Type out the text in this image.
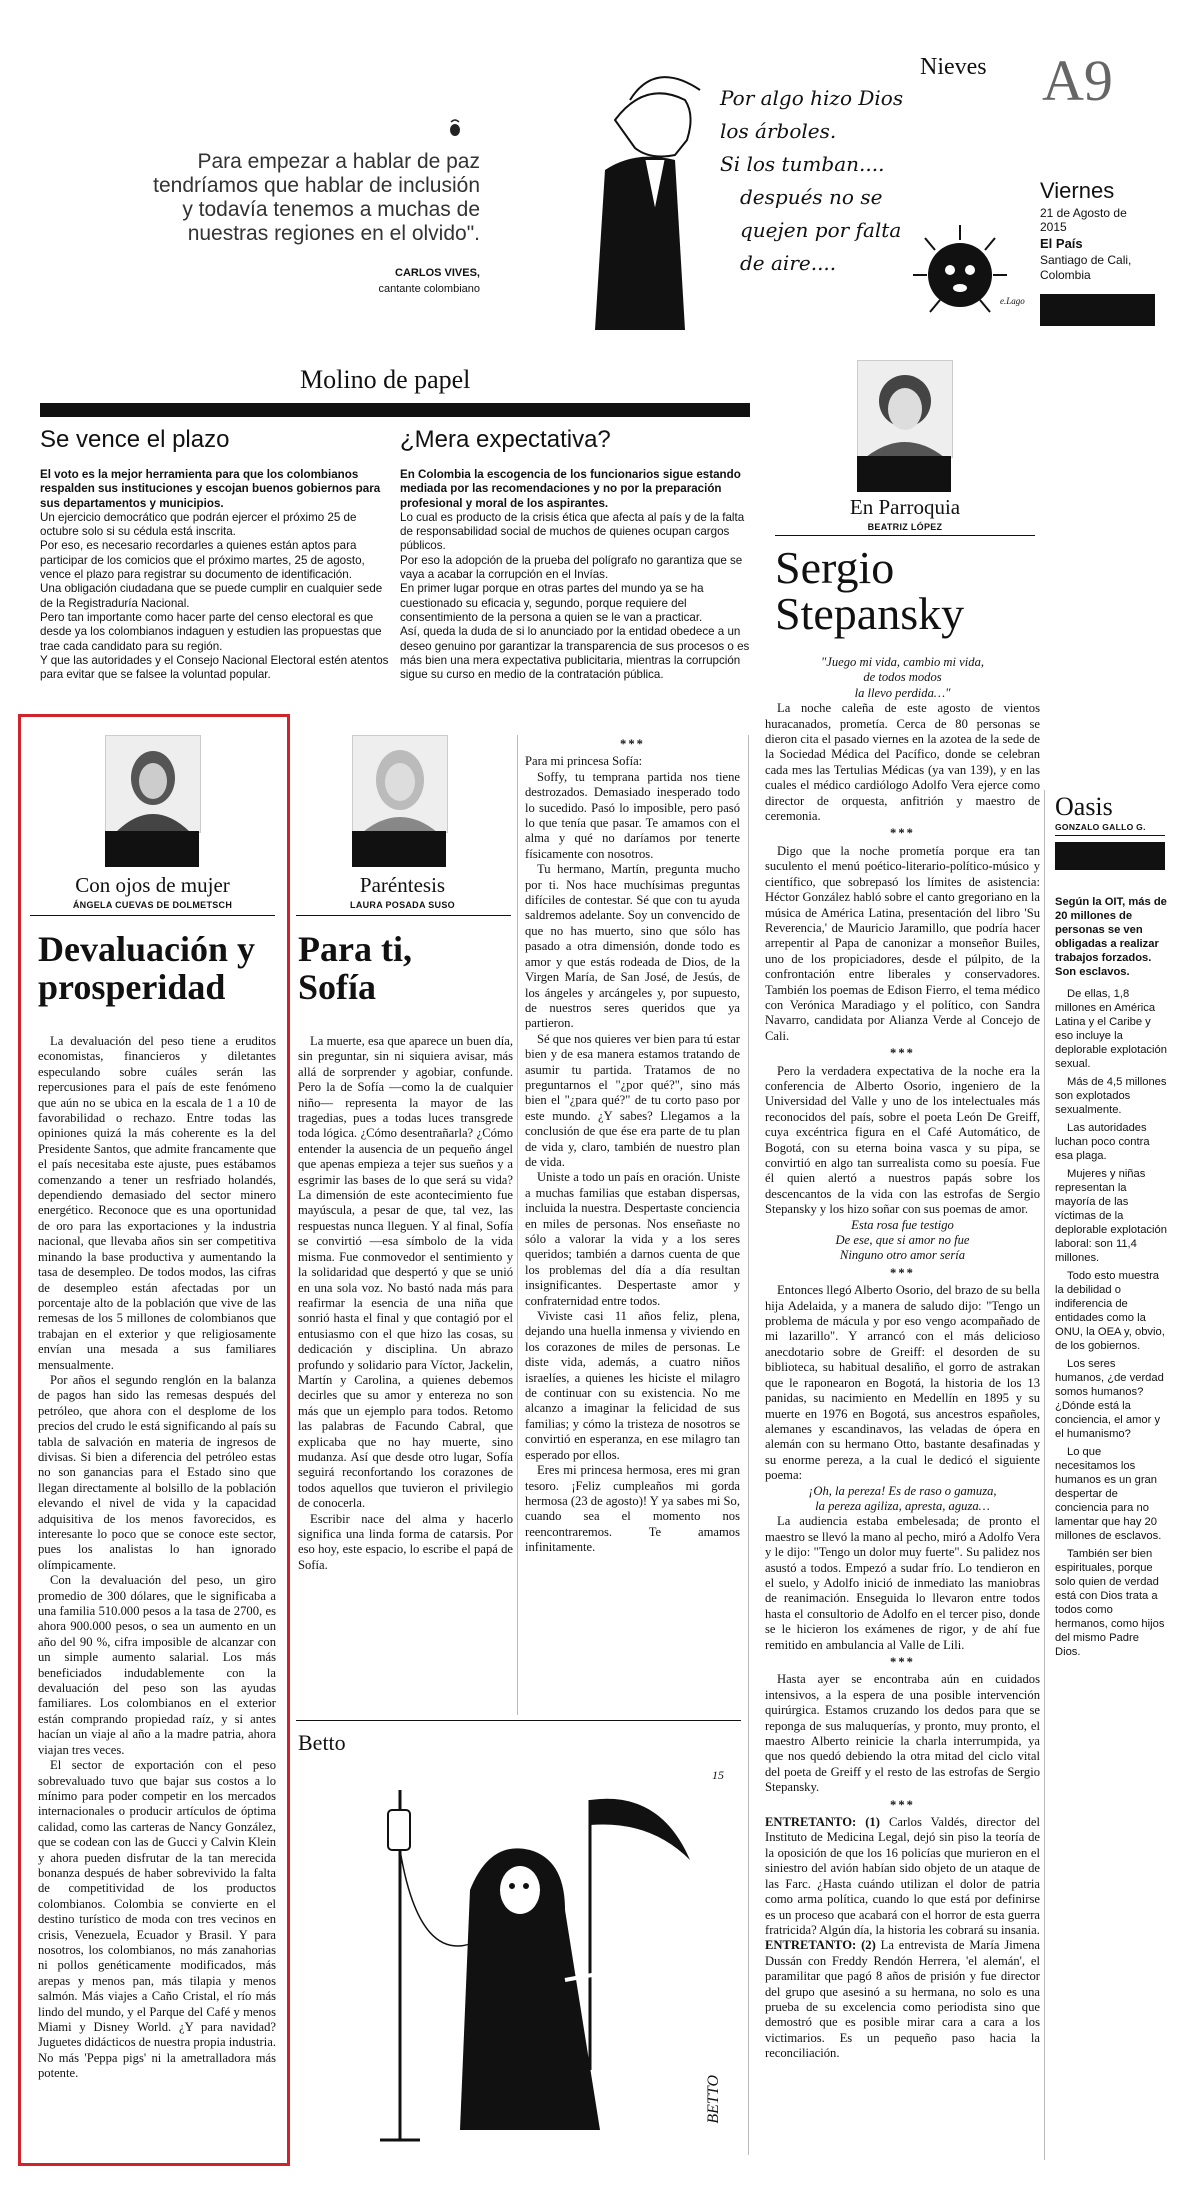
Para empezar a hablar de paz tendríamos que hablar de inclusión y todavía tenemos a muchas de nuestras regiones en el olvido".
CARLOS VIVES,
cantante colombiano
Por algo hizo Dios
los árboles.
Si los tumban....
después no se
quejen por falta
de aire....
e.Lago
Nieves A9
Viernes
21 de Agosto de 2015
El País
Santiago de Cali,
Colombia
Molino de papel
Se vence el plazo

El voto es la mejor herramienta para que los colombianos respalden sus instituciones y escojan buenos gobiernos para sus departamentos y municipios.

Un ejercicio democrático que podrán ejercer el próximo 25 de octubre solo si su cédula está inscrita.

Por eso, es necesario recordarles a quienes están aptos para participar de los comicios que el próximo martes, 25 de agosto, vence el plazo para registrar su documento de identificación.

Una obligación ciudadana que se puede cumplir en cualquier sede de la Registraduría Nacional.

Pero tan importante como hacer parte del censo electoral es que desde ya los colombianos indaguen y estudien las propuestas que trae cada candidato para su región.

Y que las autoridades y el Consejo Nacional Electoral estén atentos para evitar que se falsee la voluntad popular.

¿Mera expectativa?

En Colombia la escogencia de los funcionarios sigue estando mediada por las recomendaciones y no por la preparación profesional y moral de los aspirantes.

Lo cual es producto de la crisis ética que afecta al país y de la falta de responsabilidad social de muchos de quienes ocupan cargos públicos.

Por eso la adopción de la prueba del polígrafo no garantiza que se vaya a acabar la corrupción en el Invías.

En primer lugar porque en otras partes del mundo ya se ha cuestionado su eficacia y, segundo, porque requiere del consentimiento de la persona a quien se le van a practicar.

Así, queda la duda de si lo anunciado por la entidad obedece a un deseo genuino por garantizar la transparencia de sus procesos o es más bien una mera expectativa publicitaria, mientras la corrupción sigue su curso en medio de la contratación pública.

Con ojos de mujer
ÁNGELA CUEVAS DE DOLMETSCH
Devaluación y prosperidad

La devaluación del peso tiene a eruditos economistas, financieros y diletantes especulando sobre cuáles serán las repercusiones para el país de este fenómeno que aún no se ubica en la escala de 1 a 10 de favorabilidad o rechazo. Entre todas las opiniones quizá la más coherente es la del Presidente Santos, que admite francamente que el país necesitaba este ajuste, pues estábamos comenzando a tener un resfriado holandés, dependiendo demasiado del sector minero energético. Reconoce que es una oportunidad de oro para las exportaciones y la industria nacional, que llevaba años sin ser competitiva minando la base productiva y aumentando la tasa de desempleo. De todos modos, las cifras de desempleo están afectadas por un porcentaje alto de la población que vive de las remesas de los 5 millones de colombianos que trabajan en el exterior y que religiosamente envían una mesada a sus familiares mensualmente.

Por años el segundo renglón en la balanza de pagos han sido las remesas después del petróleo, que ahora con el desplome de los precios del crudo le está significando al país su tabla de salvación en materia de ingresos de divisas. Si bien a diferencia del petróleo estas no son ganancias para el Estado sino que llegan directamente al bolsillo de la población elevando el nivel de vida y la capacidad adquisitiva de los menos favorecidos, es interesante lo poco que se conoce este sector, pues los analistas lo han ignorado olímpicamente.

Con la devaluación del peso, un giro promedio de 300 dólares, que le significaba a una familia 510.000 pesos a la tasa de 2700, es ahora 900.000 pesos, o sea un aumento en un año del 90 %, cifra imposible de alcanzar con un simple aumento salarial. Los más beneficiados indudablemente con la devaluación del peso son las ayudas familiares. Los colombianos en el exterior están comprando propiedad raíz, y si antes hacían un viaje al año a la madre patria, ahora viajan tres veces.

El sector de exportación con el peso sobrevaluado tuvo que bajar sus costos a lo mínimo para poder competir en los mercados internacionales o producir artículos de óptima calidad, como las carteras de Nancy González, que se codean con las de Gucci y Calvin Klein y ahora pueden disfrutar de la tan merecida bonanza después de haber sobrevivido la falta de competitividad de los productos colombianos. Colombia se convierte en el destino turístico de moda con tres vecinos en crisis, Venezuela, Ecuador y Brasil. Y para nosotros, los colombianos, no más zanahorias ni pollos genéticamente modificados, más arepas y menos pan, más tilapia y menos salmón. Más viajes a Caño Cristal, el río más lindo del mundo, y el Parque del Café y menos Miami y Disney World. ¿Y para navidad? Juguetes didácticos de nuestra propia industria. No más 'Peppa pigs' ni la ametralladora más potente.

Paréntesis
LAURA POSADA SUSO
Para ti, Sofía

La muerte, esa que aparece un buen día, sin preguntar, sin ni siquiera avisar, más allá de sorprender y agobiar, confunde. Pero la de Sofía —como la de cualquier niño— representa la mayor de las tragedias, pues a todas luces transgrede toda lógica. ¿Cómo desentrañarla? ¿Cómo entender la ausencia de un pequeño ángel que apenas empieza a tejer sus sueños y a esgrimir las bases de lo que será su vida? La dimensión de este acontecimiento fue mayúscula, a pesar de que, tal vez, las respuestas nunca lleguen. Y al final, Sofía se convirtió —esa símbolo de la vida misma. Fue conmovedor el sentimiento y la solidaridad que despertó y que se unió en una sola voz. No bastó nada más para reafirmar la esencia de una niña que sonrió hasta el final y que contagió por el entusiasmo con el que hizo las cosas, su dedicación y disciplina. Un abrazo profundo y solidario para Víctor, Jackelin, Martín y Carolina, a quienes debemos decirles que su amor y entereza no son más que un ejemplo para todos. Retomo las palabras de Facundo Cabral, que explicaba que no hay muerte, sino mudanza. Así que desde otro lugar, Sofía seguirá reconfortando los corazones de todos aquellos que tuvieron el privilegio de conocerla.

Escribir nace del alma y hacerlo significa una linda forma de catarsis. Por eso hoy, este espacio, lo escribe el papá de Sofía.

***

Para mi princesa Sofía:

Soffy, tu temprana partida nos tiene destrozados. Demasiado inesperado todo lo sucedido. Pasó lo imposible, pero pasó lo que tenía que pasar. Te amamos con el alma y qué no daríamos por tenerte físicamente con nosotros.

Tu hermano, Martín, pregunta mucho por ti. Nos hace muchísimas preguntas difíciles de contestar. Sé que con tu ayuda saldremos adelante. Soy un convencido de que no has muerto, sino que sólo has pasado a otra dimensión, donde todo es amor y que estás rodeada de Dios, de la Virgen María, de San José, de Jesús, de los ángeles y arcángeles y, por supuesto, de nuestros seres queridos que ya partieron.

Sé que nos quieres ver bien para tú estar bien y de esa manera estamos tratando de asumir tu partida. Tratamos de no preguntarnos el "¿por qué?", sino más bien el "¿para qué?" de tu corto paso por este mundo. ¿Y sabes? Llegamos a la conclusión de que ése era parte de tu plan de vida y, claro, también de nuestro plan de vida.

Uniste a todo un país en oración. Uniste a muchas familias que estaban dispersas, incluida la nuestra. Despertaste conciencia en miles de personas. Nos enseñaste no sólo a valorar la vida y a los seres queridos; también a darnos cuenta de que los problemas del día a día resultan insignificantes. Despertaste amor y confraternidad entre todos.

Viviste casi 11 años feliz, plena, dejando una huella inmensa y viviendo en los corazones de miles de personas. Le diste vida, además, a cuatro niños israelíes, a quienes les hiciste el milagro de continuar con su existencia. No me alcanzo a imaginar la felicidad de sus familias; y cómo la tristeza de nosotros se convirtió en esperanza, en ese milagro tan esperado por ellos.

Eres mi princesa hermosa, eres mi gran tesoro. ¡Feliz cumpleaños mi gorda hermosa (23 de agosto)! Y ya sabes mi So, cuando sea el momento nos reencontraremos. Te amamos infinitamente.

Betto
15
BETTO
En Parroquia
BEATRIZ LÓPEZ
Sergio Stepansky

"Juego mi vida, cambio mi vida,

de todos modos

la llevo perdida…"

La noche caleña de este agosto de vientos huracanados, prometía. Cerca de 80 personas se dieron cita el pasado viernes en la azotea de la sede de la Sociedad Médica del Pacífico, donde se celebran cada mes las Tertulias Médicas (ya van 139), y en las cuales el médico cardiólogo Adolfo Vera ejerce como director de orquesta, anfitrión y maestro de ceremonia.

***

Digo que la noche prometía porque era tan suculento el menú poético-literario-político-músico y científico, que sobrepasó los límites de asistencia: Héctor González habló sobre el canto gregoriano en la música de América Latina, presentación del libro 'Su Reverencia,' de Mauricio Jaramillo, que podría hacer arrepentir al Papa de canonizar a monseñor Builes, uno de los propiciadores, desde el púlpito, de la confrontación entre liberales y conservadores. También los poemas de Edison Fierro, el tema médico con Verónica Maradiago y el político, con Sandra Navarro, candidata por Alianza Verde al Concejo de Cali.

***

Pero la verdadera expectativa de la noche era la conferencia de Alberto Osorio, ingeniero de la Universidad del Valle y uno de los intelectuales más reconocidos del país, sobre el poeta León De Greiff, cuya excéntrica figura en el Café Automático, de Bogotá, con su eterna boina vasca y su pipa, se convirtió en algo tan surrealista como su poesía. Fue él quien alertó a nuestros papás sobre los descencantos de la vida con las estrofas de Sergio Stepansky y los hizo soñar con sus poemas de amor.

Esta rosa fue testigo

De ese, que si amor no fue

Ninguno otro amor sería

***

Entonces llegó Alberto Osorio, del brazo de su bella hija Adelaida, y a manera de saludo dijo: "Tengo un problema de mácula y por eso vengo acompañado de mi lazarillo". Y arrancó con el más delicioso anecdotario sobre de Greiff: el desorden de su biblioteca, su habitual desaliño, el gorro de astrakan que le raponearon en Bogotá, la historia de los 13 panidas, su nacimiento en Medellín en 1895 y su muerte en 1976 en Bogotá, sus ancestros españoles, alemanes y escandinavos, las veladas de ópera en alemán con su hermano Otto, bastante desafinadas y su enorme pereza, a la cual le dedicó el siguiente poema:

¡Oh, la pereza! Es de raso o gamuza,

la pereza agiliza, apresta, aguza…

La audiencia estaba embelesada; de pronto el maestro se llevó la mano al pecho, miró a Adolfo Vera y le dijo: "Tengo un dolor muy fuerte". Su palidez nos asustó a todos. Empezó a sudar frío. Lo tendieron en el suelo, y Adolfo inició de inmediato las maniobras de reanimación. Enseguida lo llevaron entre todos hasta el consultorio de Adolfo en el tercer piso, donde se le hicieron los exámenes de rigor, y de ahí fue remitido en ambulancia al Valle de Lili.

***

Hasta ayer se encontraba aún en cuidados intensivos, a la espera de una posible intervención quirúrgica. Estamos cruzando los dedos para que se reponga de sus maluquerías, y pronto, muy pronto, el maestro Alberto reinicie la charla interrumpida, ya que nos quedó debiendo la otra mitad del ciclo vital del poeta de Greiff y el resto de las estrofas de Sergio Stepansky.

***

ENTRETANTO: (1) Carlos Valdés, director del Instituto de Medicina Legal, dejó sin piso la teoría de la oposición de que los 16 policías que murieron en el siniestro del avión habían sido objeto de un ataque de las Farc. ¿Hasta cuándo utilizan el dolor de patria como arma política, cuando lo que está por definirse es un proceso que acabará con el horror de esta guerra fratricida? Algún día, la historia les cobrará su insania.

ENTRETANTO: (2) La entrevista de María Jimena Dussán con Freddy Rendón Herrera, 'el alemán', el paramilitar que pagó 8 años de prisión y fue director del grupo que asesinó a su hermana, no solo es una prueba de su excelencia como periodista sino que demostró que es posible mirar cara a cara a los victimarios. Es un pequeño paso hacia la reconciliación.

Oasis
GONZALO GALLO G.

Según la OIT, más de 20 millones de personas se ven obligadas a realizar trabajos forzados. Son esclavos.

De ellas, 1,8 millones en América Latina y el Caribe y eso incluye la deplorable explotación sexual.

Más de 4,5 millones son explotados sexualmente.

Las autoridades luchan poco contra esa plaga.

Mujeres y niñas representan la mayoría de las víctimas de la deplorable explotación laboral: son 11,4 millones.

Todo esto muestra la debilidad o indiferencia de entidades como la ONU, la OEA y, obvio, de los gobiernos.

Los seres humanos, ¿de verdad somos humanos? ¿Dónde está la conciencia, el amor y el humanismo?

Lo que necesitamos los humanos es un gran despertar de conciencia para no lamentar que hay 20 millones de esclavos.

También ser bien espirituales, porque solo quien de verdad está con Dios trata a todos como hermanos, como hijos del mismo Padre Dios.
